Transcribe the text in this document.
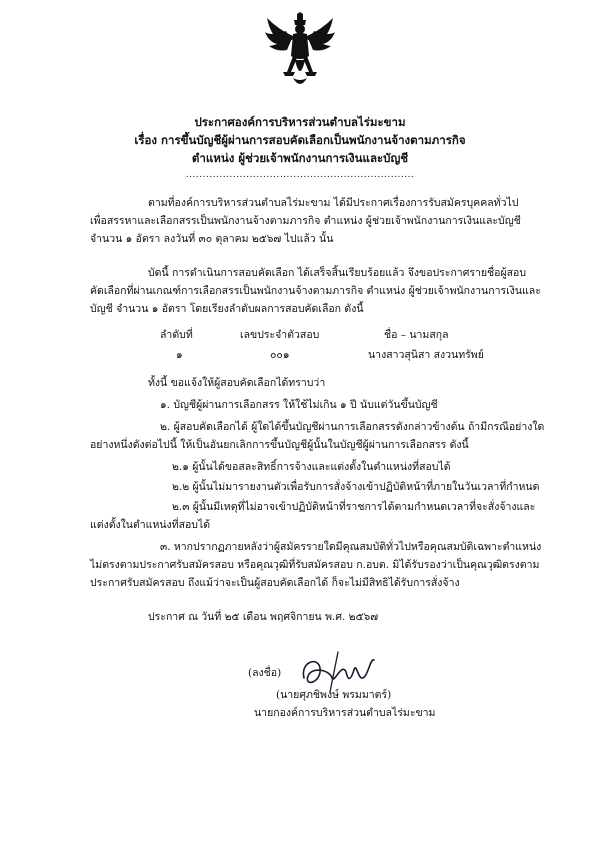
ประกาศองค์การบริหารส่วนตำบลไร่มะขาม
เรื่อง การขึ้นบัญชีผู้ผ่านการสอบคัดเลือกเป็นพนักงานจ้างตามภารกิจ
ตำแหน่ง ผู้ช่วยเจ้าพนักงานการเงินและบัญชี
....................................................................
ตามที่องค์การบริหารส่วนตำบลไร่มะขาม ได้มีประกาศเรื่องการรับสมัครบุคคลทั่วไป
เพื่อสรรหาและเลือกสรรเป็นพนักงานจ้างตามภารกิจ ตำแหน่ง ผู้ช่วยเจ้าพนักงานการเงินและบัญชี
จำนวน ๑ อัตรา ลงวันที่ ๓๐ ตุลาคม ๒๕๖๗ ไปแล้ว นั้น
บัดนี้ การดำเนินการสอบคัดเลือก ได้เสร็จสิ้นเรียบร้อยแล้ว จึงขอประกาศรายชื่อผู้สอบ
คัดเลือกที่ผ่านเกณฑ์การเลือกสรรเป็นพนักงานจ้างตามภารกิจ ตำแหน่ง ผู้ช่วยเจ้าพนักงานการเงินและ
บัญชี จำนวน ๑ อัตรา โดยเรียงลำดับผลการสอบคัดเลือก ดังนี้
ลำดับที่	เลขประจำตัวสอบ	ชื่อ – นามสกุล
๑	๐๐๑	นางสาวสุนิสา สงวนทรัพย์
ทั้งนี้ ขอแจ้งให้ผู้สอบคัดเลือกได้ทราบว่า
๑. บัญชีผู้ผ่านการเลือกสรร ให้ใช้ไม่เกิน ๑ ปี นับแต่วันขึ้นบัญชี
๒. ผู้สอบคัดเลือกได้ ผู้ใดได้ขึ้นบัญชีผ่านการเลือกสรรดังกล่าวข้างต้น ถ้ามีกรณีอย่างใด
อย่างหนึ่งดังต่อไปนี้ ให้เป็นอันยกเลิกการขึ้นบัญชีผู้นั้นในบัญชีผู้ผ่านการเลือกสรร ดังนี้
๒.๑ ผู้นั้นได้ขอสละสิทธิ์การจ้างและแต่งตั้งในตำแหน่งที่สอบได้
๒.๒ ผู้นั้นไม่มารายงานตัวเพื่อรับการสั่งจ้างเข้าปฏิบัติหน้าที่ภายในวันเวลาที่กำหนด
๒.๓ ผู้นั้นมีเหตุที่ไม่อาจเข้าปฏิบัติหน้าที่ราชการได้ตามกำหนดเวลาที่จะสั่งจ้างและ
แต่งตั้งในตำแหน่งที่สอบได้
๓. หากปรากฏภายหลังว่าผู้สมัครรายใดมีคุณสมบัติทั่วไปหรือคุณสมบัติเฉพาะตำแหน่ง
ไม่ตรงตามประกาศรับสมัครสอบ หรือคุณวุฒิที่รับสมัครสอบ ก.อบต. มิได้รับรองว่าเป็นคุณวุฒิตรงตาม
ประกาศรับสมัครสอบ ถึงแม้ว่าจะเป็นผู้สอบคัดเลือกได้ ก็จะไม่มีสิทธิได้รับการสั่งจ้าง
ประกาศ ณ วันที่ ๒๕ เดือน พฤศจิกายน พ.ศ. ๒๕๖๗
(ลงชื่อ)
(นายศุภชิพงษ์ พรมมาตร์)
นายกองค์การบริหารส่วนตำบลไร่มะขาม
